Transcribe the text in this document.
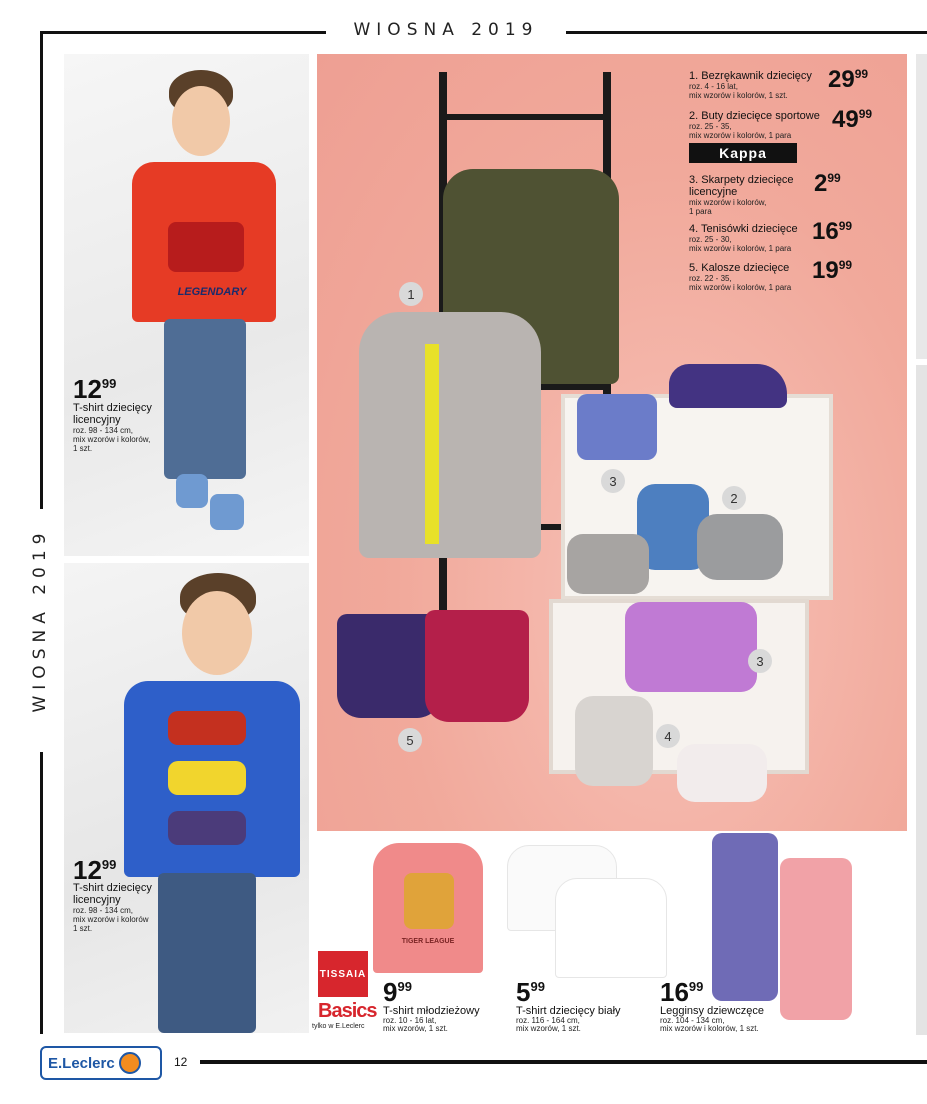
WIOSNA 2019
WIOSNA 2019
LEGENDARY	1
2
3
3
4
5
1. Bezrękawnik dziecięcy
roz. 4 - 16 lat,
mix wzorów i kolorów, 1 szt.
$29^{99}$
2. Buty dziecięce sportowe
roz. 25 - 35,
mix wzorów i kolorów, 1 para
$49^{99}$
Kappa
3. Skarpety dziecięce
licencyjne
mix wzorów i kolorów,
1 para
$2^{99}$
4. Tenisówki dziecięce
roz. 25 - 30,
mix wzorów i kolorów, 1 para
$16^{99}$
5. Kalosze dziecięce
roz. 22 - 35,
mix wzorów i kolorów, 1 para
$19^{99}$
$12^{99}$
T-shirt dziecięcy
licencyjny
roz. 98 - 134 cm,
mix wzorów i kolorów,
1 szt.
$12^{99}$
T-shirt dziecięcy
licencyjny
roz. 98 - 134 cm,
mix wzorów i kolorów
1 szt.
TIGER LEAGUE
TISSAIA
Basics
tylko w E.Leclerc
$9^{99}$
T-shirt młodzieżowy
roz. 10 - 16 lat,
mix wzorów, 1 szt.
$5^{99}$
T-shirt dziecięcy biały
roz. 116 - 164 cm,
mix wzorów, 1 szt.
$16^{99}$
Legginsy dziewczęce
roz. 104 - 134 cm,
mix wzorów i kolorów, 1 szt.
E.Leclerc	12
